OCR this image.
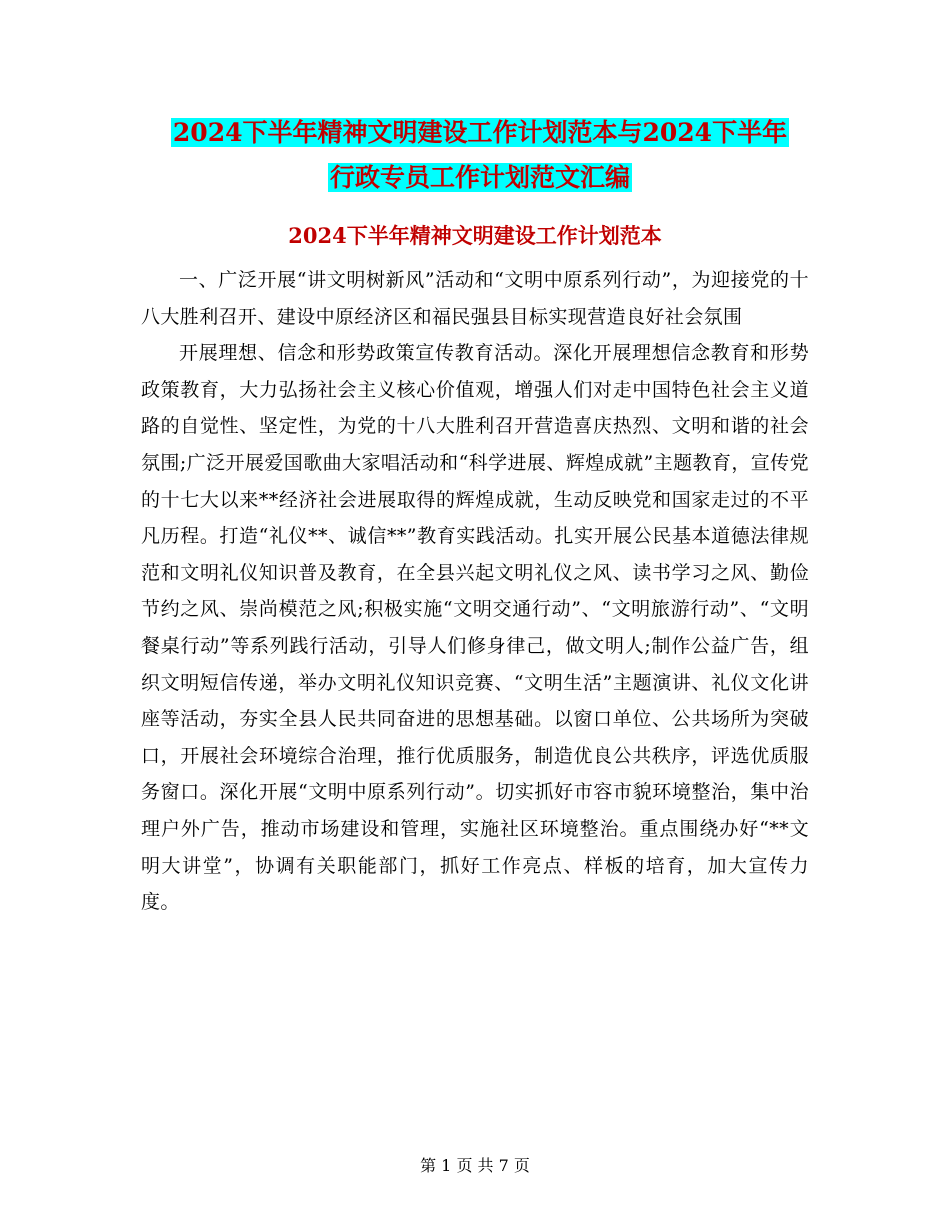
2024下半年精神文明建设工作计划范本与2024下半年
行政专员工作计划范文汇编
2024下半年精神文明建设工作计划范本

一、广泛开展“讲文明树新风”活动和“文明中原系列行动”，为迎接党的十八大胜利召开、建设中原经济区和福民强县目标实现营造良好社会氛围

开展理想、信念和形势政策宣传教育活动。深化开展理想信念教育和形势政策教育，大力弘扬社会主义核心价值观，增强人们对走中国特色社会主义道路的自觉性、坚定性，为党的十八大胜利召开营造喜庆热烈、文明和谐的社会氛围;广泛开展爱国歌曲大家唱活动和“科学进展、辉煌成就”主题教育，宣传党的十七大以来**经济社会进展取得的辉煌成就，生动反映党和国家走过的不平凡历程。打造“礼仪**、诚信**”教育实践活动。扎实开展公民基本道德法律规范和文明礼仪知识普及教育，在全县兴起文明礼仪之风、读书学习之风、勤俭节约之风、崇尚模范之风;积极实施“文明交通行动”、“文明旅游行动”、“文明餐桌行动”等系列践行活动，引导人们修身律己，做文明人;制作公益广告，组织文明短信传递，举办文明礼仪知识竞赛、“文明生活”主题演讲、礼仪文化讲座等活动，夯实全县人民共同奋进的思想基础。以窗口单位、公共场所为突破口，开展社会环境综合治理，推行优质服务，制造优良公共秩序，评选优质服务窗口。深化开展“文明中原系列行动”。切实抓好市容市貌环境整治，集中治理户外广告，推动市场建设和管理，实施社区环境整治。重点围绕办好“**文明大讲堂”，协调有关职能部门，抓好工作亮点、样板的培育，加大宣传力度。

第 1 页 共 7 页
